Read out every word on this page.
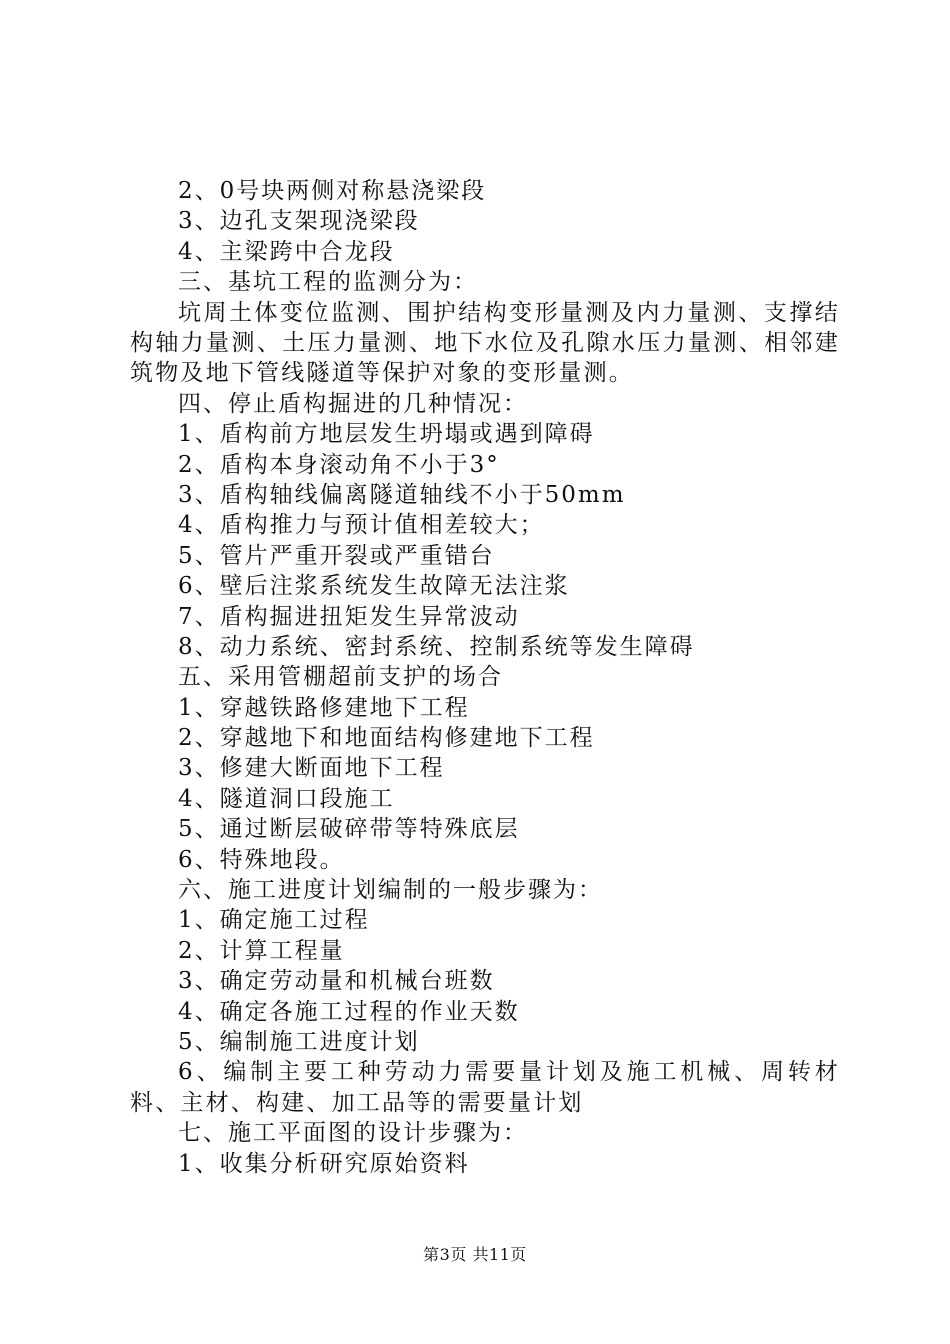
2、0号块两侧对称悬浇梁段
3、边孔支架现浇梁段
4、主梁跨中合龙段
三、基坑工程的监测分为：
坑周土体变位监测、围护结构变形量测及内力量测、支撑结构轴力量测、土压力量测、地下水位及孔隙水压力量测、相邻建筑物及地下管线隧道等保护对象的变形量测。
四、停止盾构掘进的几种情况：
1、盾构前方地层发生坍塌或遇到障碍
2、盾构本身滚动角不小于3°
3、盾构轴线偏离隧道轴线不小于50mm
4、盾构推力与预计值相差较大；
5、管片严重开裂或严重错台
6、壁后注浆系统发生故障无法注浆
7、盾构掘进扭矩发生异常波动
8、动力系统、密封系统、控制系统等发生障碍
五、采用管棚超前支护的场合
1、穿越铁路修建地下工程
2、穿越地下和地面结构修建地下工程
3、修建大断面地下工程
4、隧道洞口段施工
5、通过断层破碎带等特殊底层
6、特殊地段。
六、施工进度计划编制的一般步骤为：
1、确定施工过程
2、计算工程量
3、确定劳动量和机械台班数
4、确定各施工过程的作业天数
5、编制施工进度计划
6、编制主要工种劳动力需要量计划及施工机械、周转材料、主材、构建、加工品等的需要量计划
七、施工平面图的设计步骤为：
1、收集分析研究原始资料
第3页 共11页
